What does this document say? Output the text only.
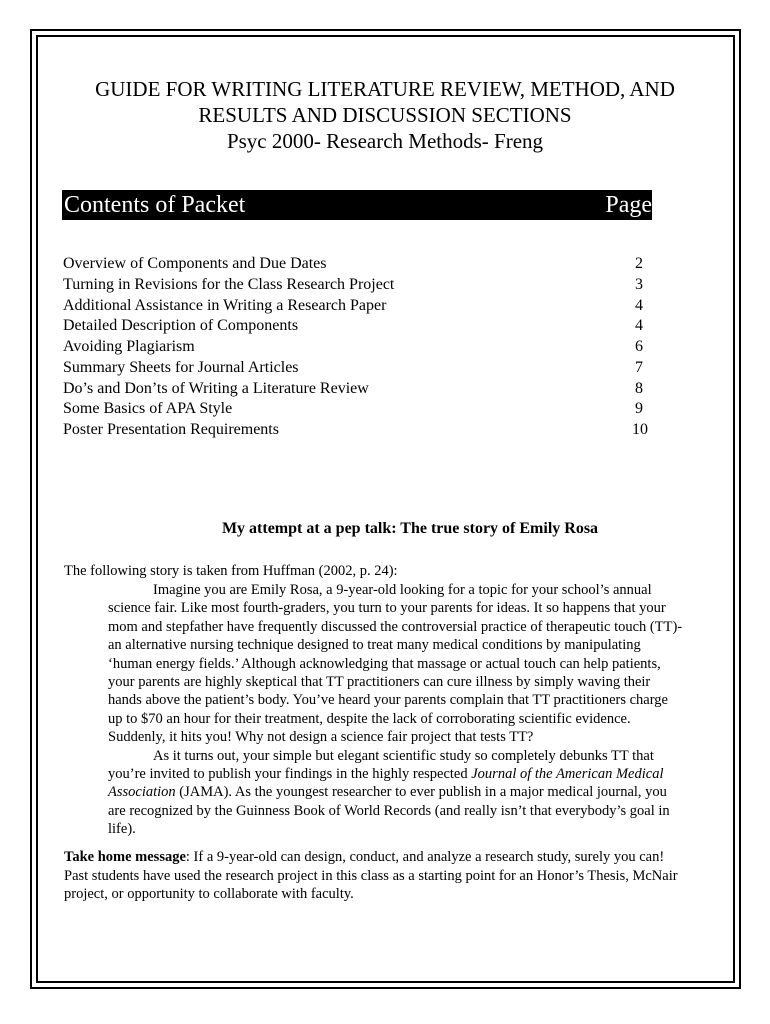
GUIDE FOR WRITING LITERATURE REVIEW, METHOD, AND
RESULTS AND DISCUSSION SECTIONS
Psyc 2000- Research Methods- Freng
Contents of Packet	Page
Overview of Components and Due Dates	2
Turning in Revisions for the Class Research Project	3
Additional Assistance in Writing a Research Paper	4
Detailed Description of Components	4
Avoiding Plagiarism	6
Summary Sheets for Journal Articles	7
Do’s and Don’ts of Writing a Literature Review	8
Some Basics of APA Style	9
Poster Presentation Requirements	10
My attempt at a pep talk: The true story of Emily Rosa
The following story is taken from Huffman (2002, p. 24):
Imagine you are Emily Rosa, a 9-year-old looking for a topic for your school’s annual
science fair. Like most fourth-graders, you turn to your parents for ideas. It so happens that your
mom and stepfather have frequently discussed the controversial practice of therapeutic touch (TT)-
an alternative nursing technique designed to treat many medical conditions by manipulating
‘human energy fields.’ Although acknowledging that massage or actual touch can help patients,
your parents are highly skeptical that TT practitioners can cure illness by simply waving their
hands above the patient’s body. You’ve heard your parents complain that TT practitioners charge
up to $70 an hour for their treatment, despite the lack of corroborating scientific evidence.
Suddenly, it hits you! Why not design a science fair project that tests TT?
As it turns out, your simple but elegant scientific study so completely debunks TT that
you’re invited to publish your findings in the highly respected Journal of the American Medical
Association (JAMA). As the youngest researcher to ever publish in a major medical journal, you
are recognized by the Guinness Book of World Records (and really isn’t that everybody’s goal in
life).
Take home message: If a 9-year-old can design, conduct, and analyze a research study, surely you can!
Past students have used the research project in this class as a starting point for an Honor’s Thesis, McNair
project, or opportunity to collaborate with faculty.
